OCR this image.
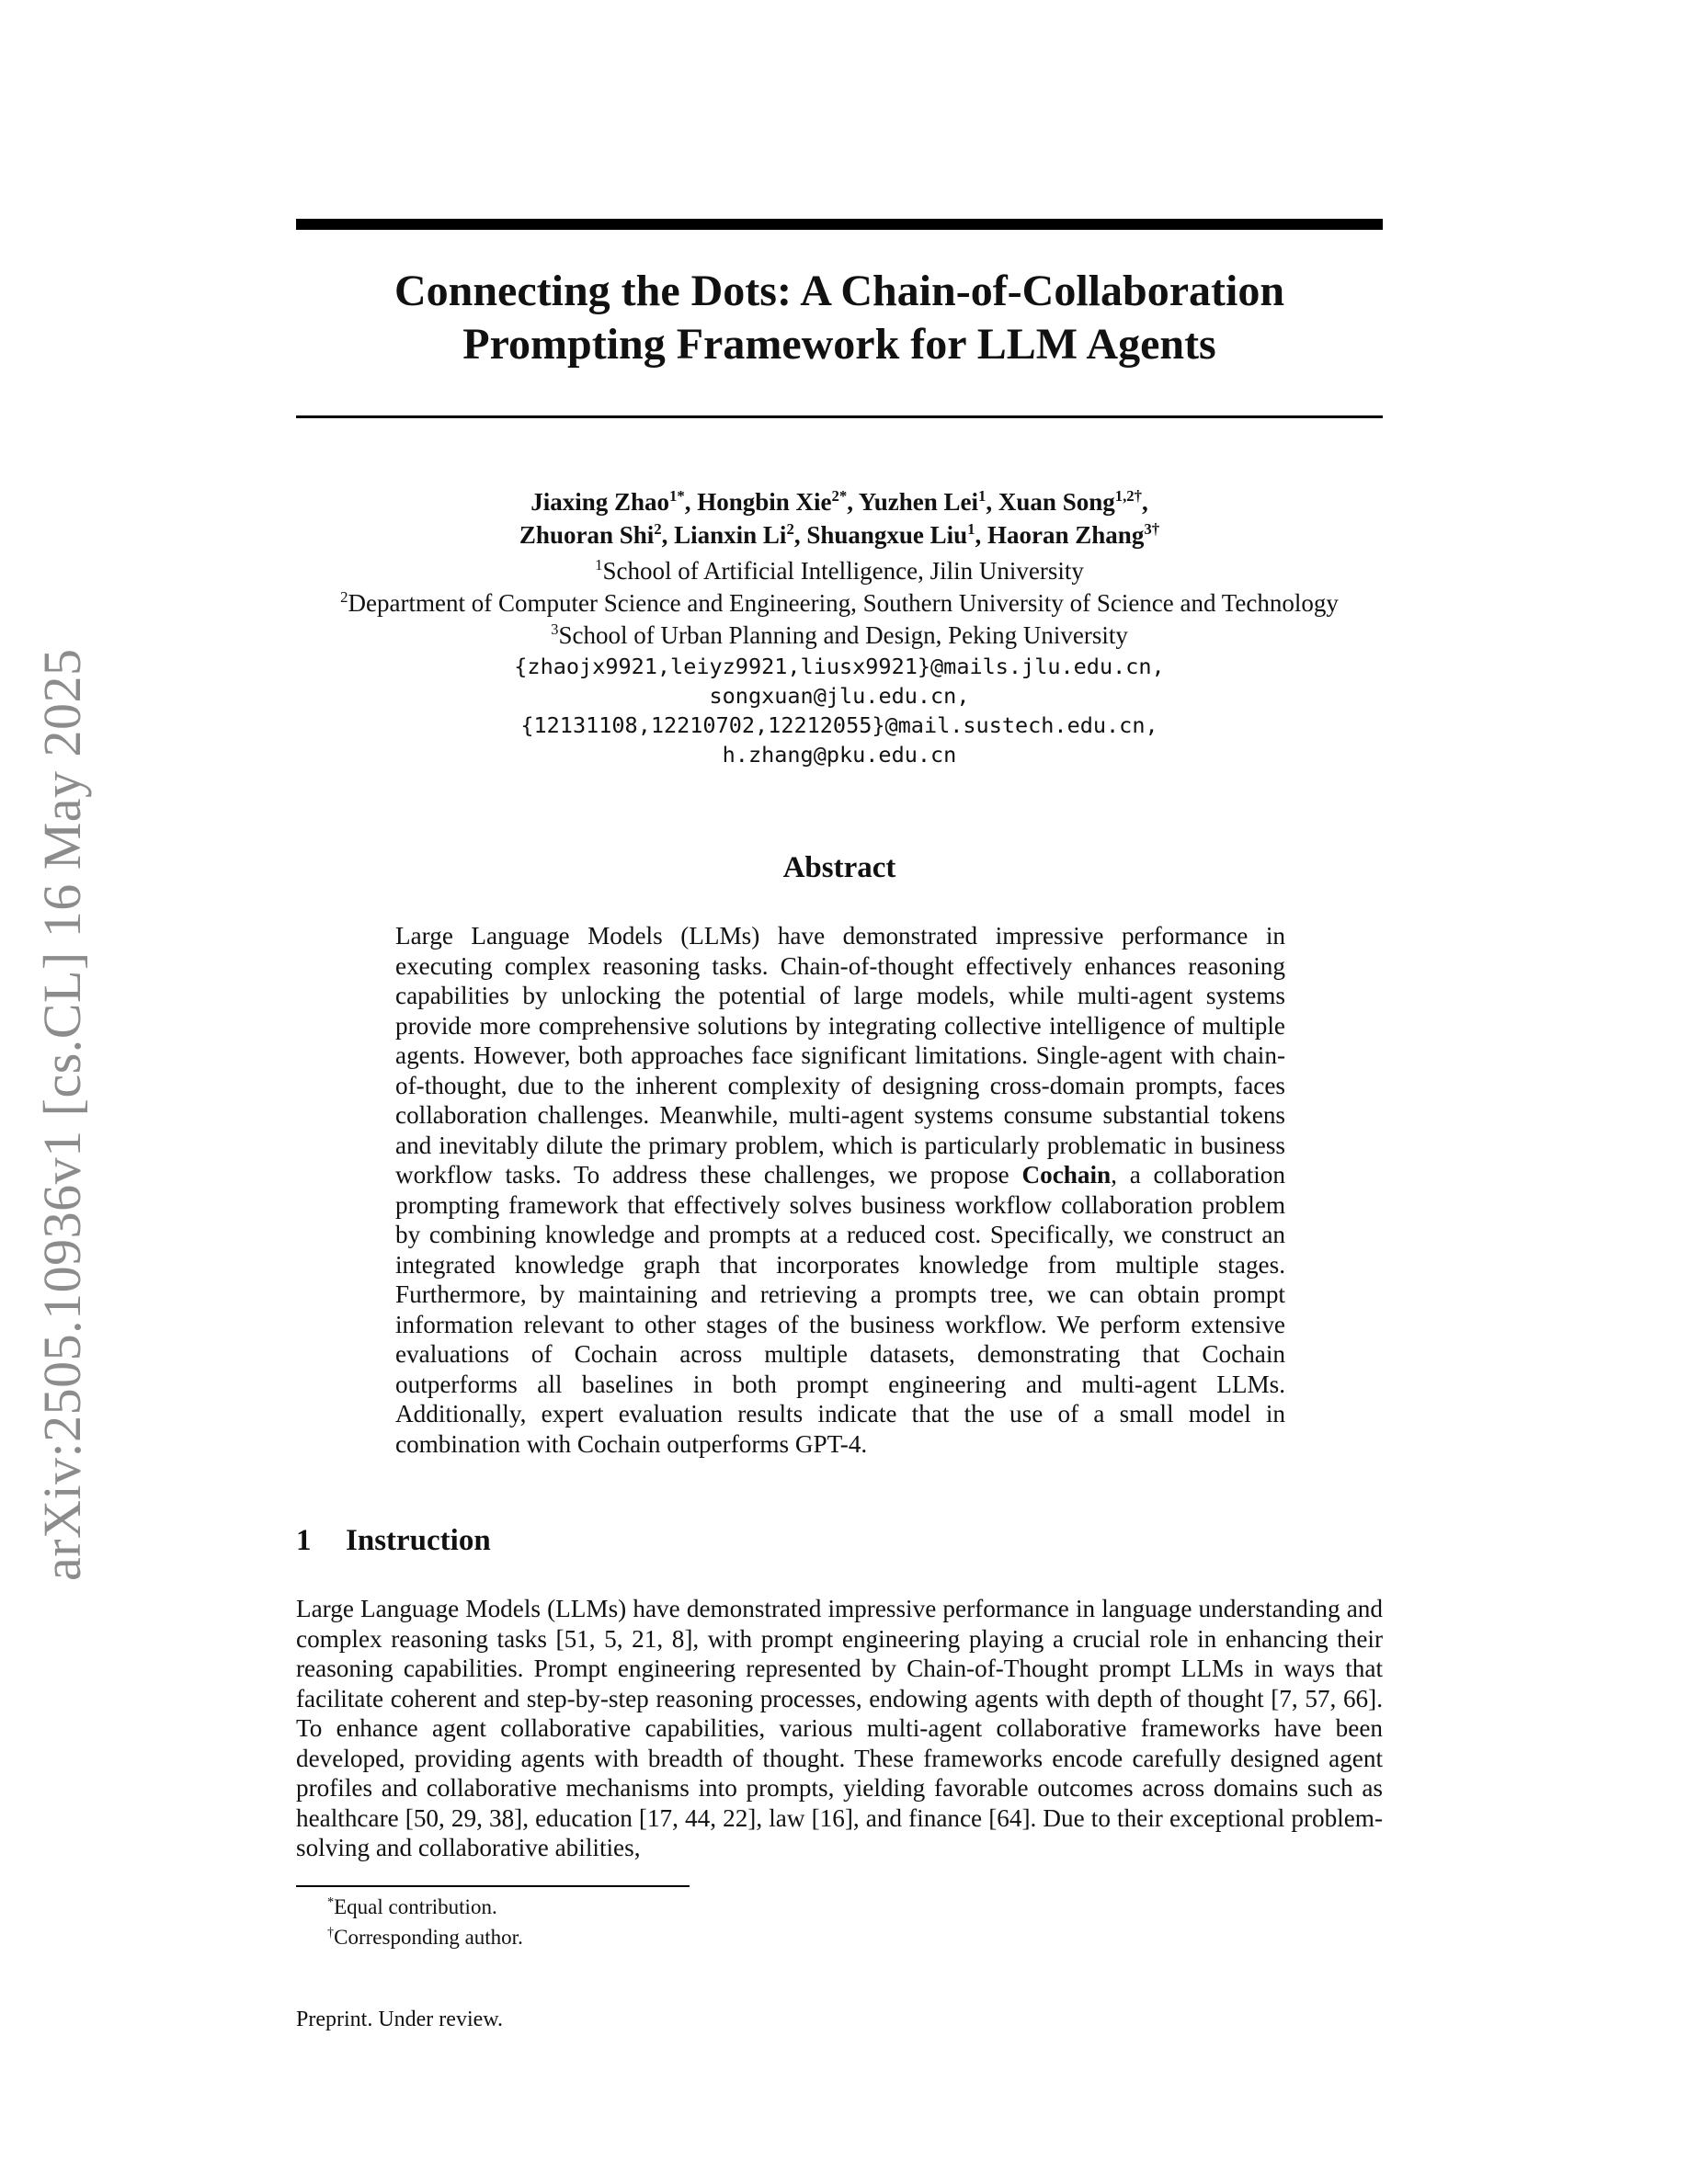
arXiv:2505.10936v1 [cs.CL] 16 May 2025
Connecting the Dots: A Chain-of-Collaboration
Prompting Framework for LLM Agents
Jiaxing Zhao$^{1*}$, Hongbin Xie$^{2*}$, Yuzhen Lei$^1$, Xuan Song$^{1,2\dagger}$,
Zhuoran Shi$^2$, Lianxin Li$^2$, Shuangxue Liu$^1$, Haoran Zhang$^{3\dagger}$
$^1$School of Artificial Intelligence, Jilin University
$^2$Department of Computer Science and Engineering, Southern University of Science and Technology
$^3$School of Urban Planning and Design, Peking University
{zhaojx9921,leiyz9921,liusx9921}@mails.jlu.edu.cn,
songxuan@jlu.edu.cn,
{12131108,12210702,12212055}@mail.sustech.edu.cn,
h.zhang@pku.edu.cn
Abstract
Large Language Models (LLMs) have demonstrated impressive performance in executing complex reasoning tasks. Chain-of-thought effectively enhances reasoning capabilities by unlocking the potential of large models, while multi-agent systems provide more comprehensive solutions by integrating collective intelligence of multiple agents. However, both approaches face significant limitations. Single-agent with chain-of-thought, due to the inherent complexity of designing cross-domain prompts, faces collaboration challenges. Meanwhile, multi-agent systems consume substantial tokens and inevitably dilute the primary problem, which is particularly problematic in business workflow tasks. To address these challenges, we propose Cochain, a collaboration prompting framework that effectively solves business workflow collaboration problem by combining knowledge and prompts at a reduced cost. Specifically, we construct an integrated knowledge graph that incorporates knowledge from multiple stages. Furthermore, by maintaining and retrieving a prompts tree, we can obtain prompt information relevant to other stages of the business workflow. We perform extensive evaluations of Cochain across multiple datasets, demonstrating that Cochain outperforms all baselines in both prompt engineering and multi-agent LLMs. Additionally, expert evaluation results indicate that the use of a small model in combination with Cochain outperforms GPT-4.
1 Instruction
Large Language Models (LLMs) have demonstrated impressive performance in language understanding and complex reasoning tasks [51, 5, 21, 8], with prompt engineering playing a crucial role in enhancing their reasoning capabilities. Prompt engineering represented by Chain-of-Thought prompt LLMs in ways that facilitate coherent and step-by-step reasoning processes, endowing agents with depth of thought [7, 57, 66]. To enhance agent collaborative capabilities, various multi-agent collaborative frameworks have been developed, providing agents with breadth of thought. These frameworks encode carefully designed agent profiles and collaborative mechanisms into prompts, yielding favorable outcomes across domains such as healthcare [50, 29, 38], education [17, 44, 22], law [16], and finance [64]. Due to their exceptional problem-solving and collaborative abilities,
*Equal contribution.
†Corresponding author.
Preprint. Under review.
